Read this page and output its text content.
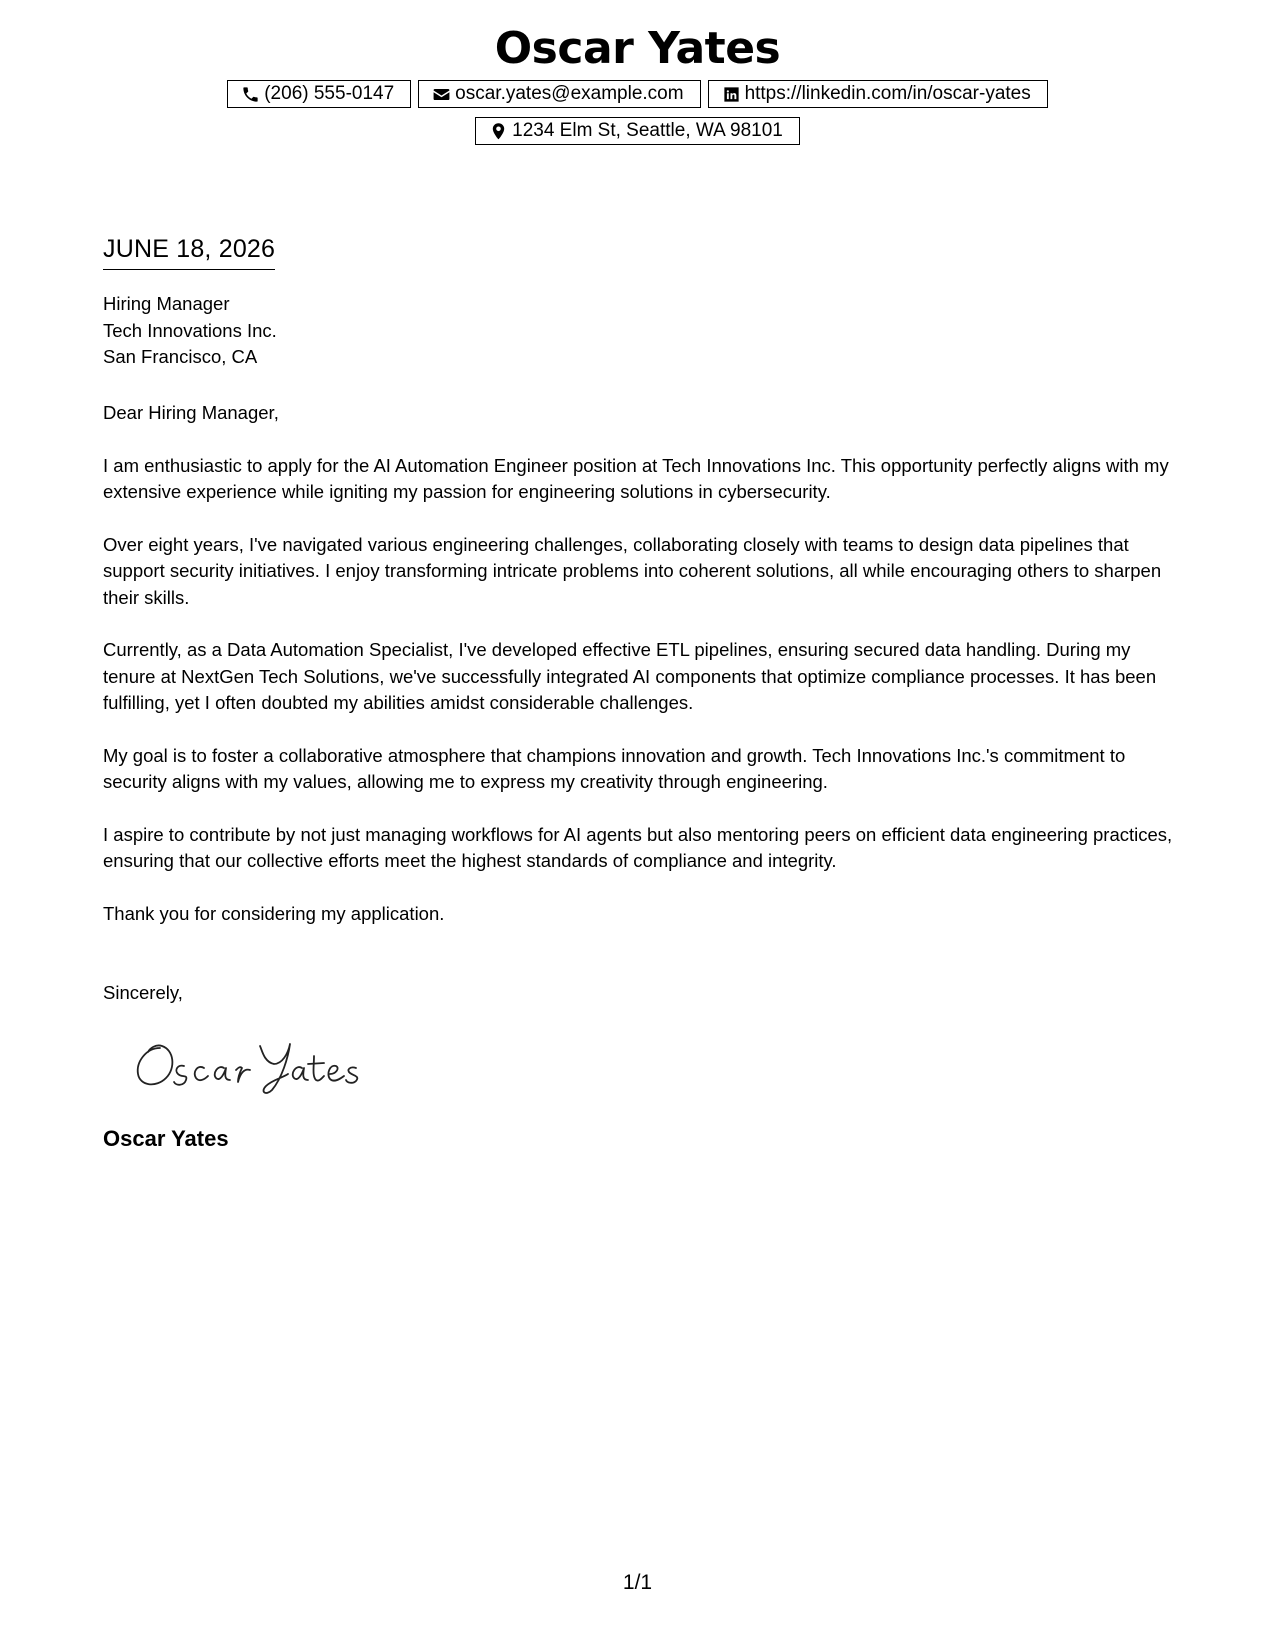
Oscar Yates
(206) 555-0147	oscar.yates@example.com	https://linkedin.com/in/oscar-yates
1234 Elm St, Seattle, WA 98101
JUNE 18, 2026
Hiring Manager
Tech Innovations Inc.
San Francisco, CA

Dear Hiring Manager,

I am enthusiastic to apply for the AI Automation Engineer position at Tech Innovations Inc. This opportunity perfectly aligns with my extensive experience while igniting my passion for engineering solutions in cybersecurity.

Over eight years, I've navigated various engineering challenges, collaborating closely with teams to design data pipelines that support security initiatives. I enjoy transforming intricate problems into coherent solutions, all while encouraging others to sharpen their skills.

Currently, as a Data Automation Specialist, I've developed effective ETL pipelines, ensuring secured data handling. During my tenure at NextGen Tech Solutions, we've successfully integrated AI components that optimize compliance processes. It has been fulfilling, yet I often doubted my abilities amidst considerable challenges.

My goal is to foster a collaborative atmosphere that champions innovation and growth. Tech Innovations Inc.'s commitment to security aligns with my values, allowing me to express my creativity through engineering.

I aspire to contribute by not just managing workflows for AI agents but also mentoring peers on efficient data engineering practices, ensuring that our collective efforts meet the highest standards of compliance and integrity.

Thank you for considering my application.

Sincerely,
Oscar Yates
1/1
